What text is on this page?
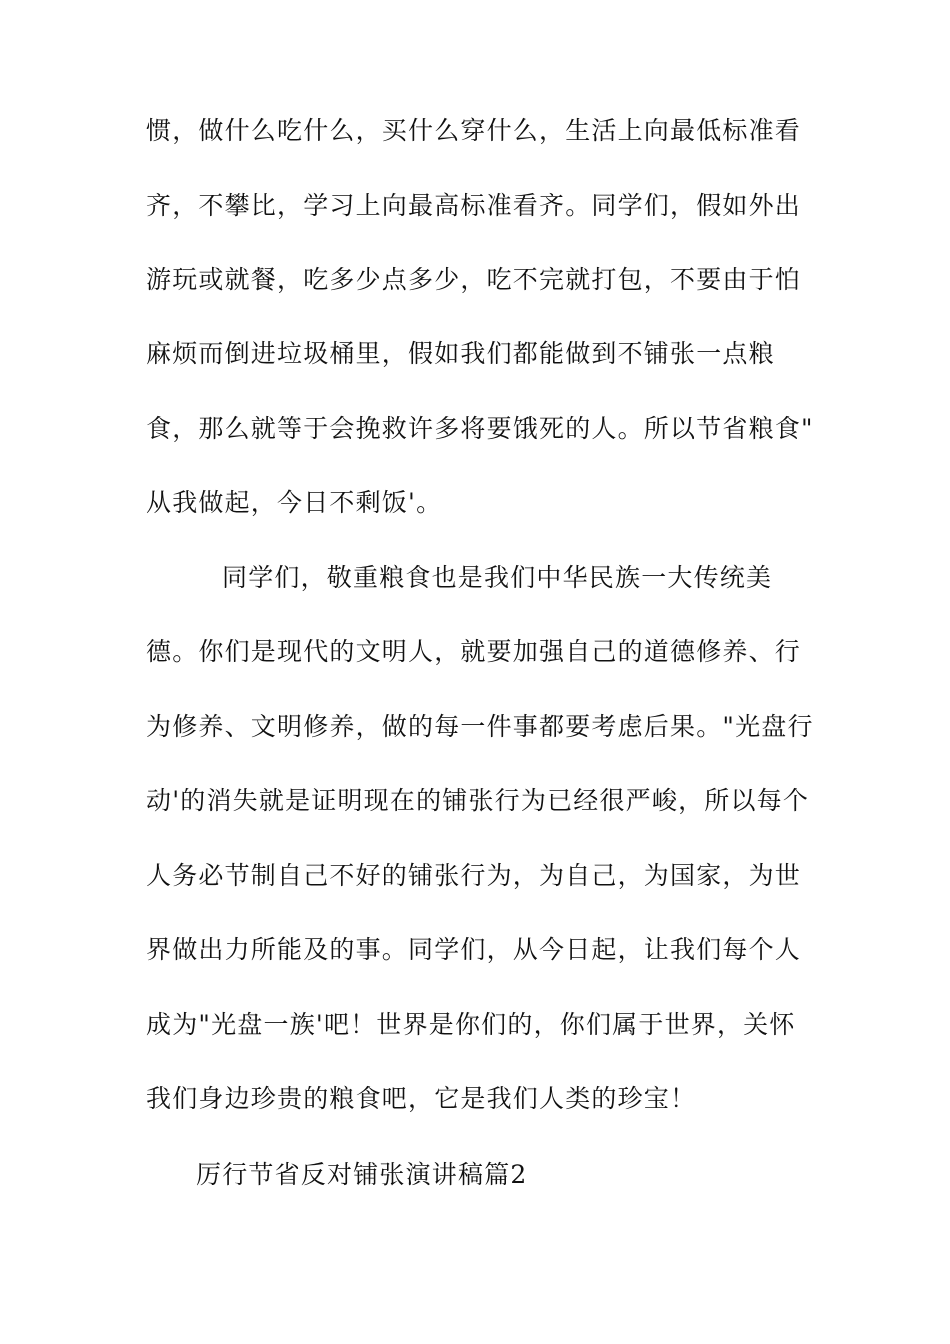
惯，做什么吃什么，买什么穿什么，生活上向最低标准看
齐，不攀比，学习上向最高标准看齐。同学们，假如外出
游玩或就餐，吃多少点多少，吃不完就打包，不要由于怕
麻烦而倒进垃圾桶里，假如我们都能做到不铺张一点粮
食，那么就等于会挽救许多将要饿死的人。所以节省粮食"
从我做起，今日不剩饭'。
同学们，敬重粮食也是我们中华民族一大传统美
德。你们是现代的文明人，就要加强自己的道德修养、行
为修养、文明修养，做的每一件事都要考虑后果。"光盘行
动'的消失就是证明现在的铺张行为已经很严峻，所以每个
人务必节制自己不好的铺张行为，为自己，为国家，为世
界做出力所能及的事。同学们，从今日起，让我们每个人
成为"光盘一族'吧！世界是你们的，你们属于世界，关怀
我们身边珍贵的粮食吧，它是我们人类的珍宝！
厉行节省反对铺张演讲稿篇2
